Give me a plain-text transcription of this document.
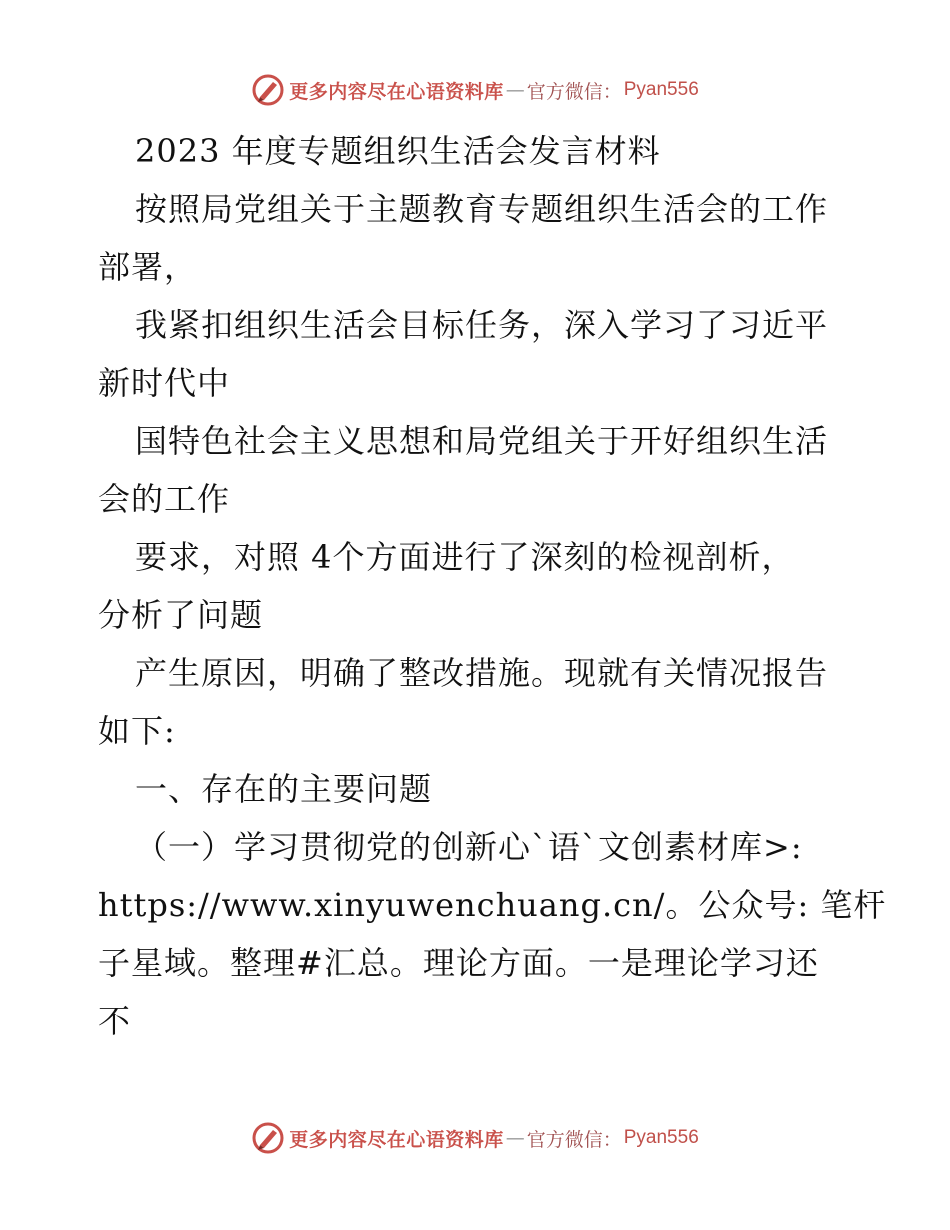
更多内容尽在心语资料库 — 官方微信： Pyan556
2023 年度专题组织生活会发言材料
按照局党组关于主题教育专题组织生活会的工作
部署，
我紧扣组织生活会目标任务，深入学习了习近平
新时代中
国特色社会主义思想和局党组关于开好组织生活
会的工作
要求，对照 4个方面进行了深刻的检视剖析，
分析了问题
产生原因，明确了整改措施。现就有关情况报告
如下:
一、存在的主要问题
（一）学习贯彻党的创新心`语`文创素材库>:
https://www.xinyuwenchuang.cn/。公众号: 笔杆
子星域。整理#汇总。理论方面。一是理论学习还
不
更多内容尽在心语资料库 — 官方微信： Pyan556
